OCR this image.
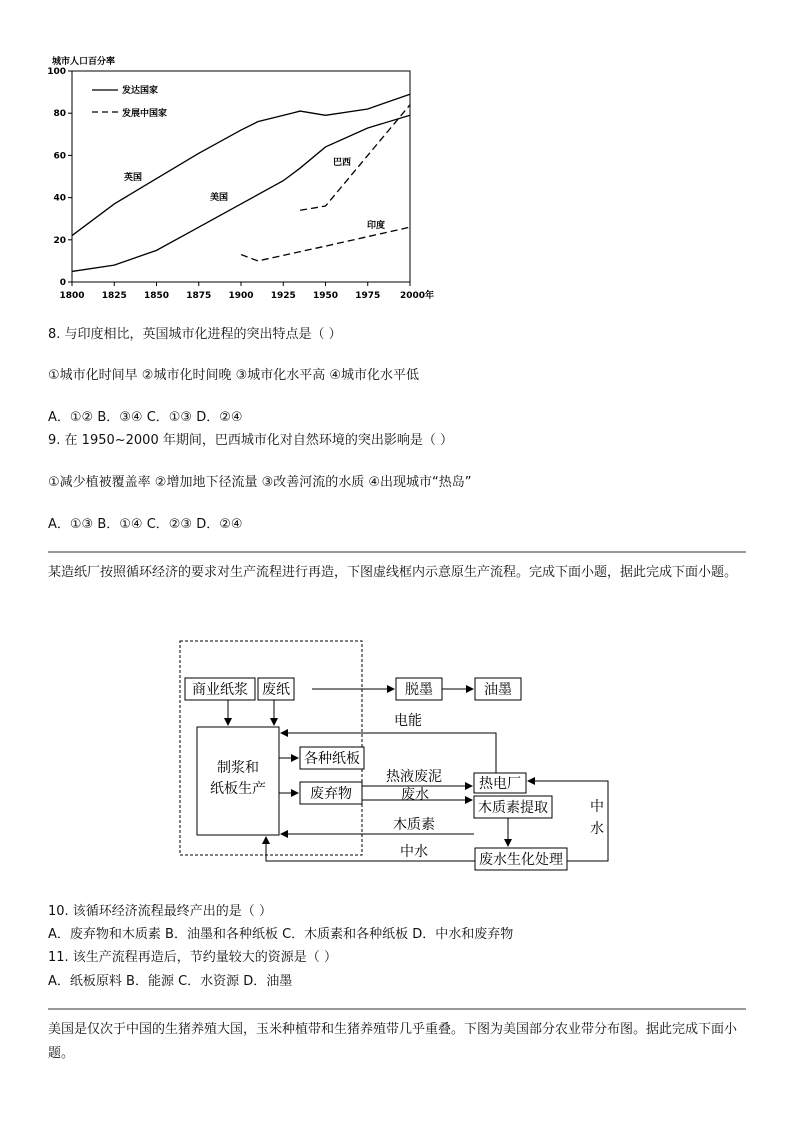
城市人口百分率
0
20
40
60
80
100
1800 1825 1850 1875 1900 1925 1950 1975 2000年
发达国家
发展中国家
英国
美国
巴西
印度
8. 与印度相比，英国城市化进程的突出特点是（ ）
①城市化时间早 ②城市化时间晚 ③城市化水平高 ④城市化水平低
A．①② B．③④ C．①③ D．②④
9. 在 1950~2000 年期间，巴西城市化对自然环境的突出影响是（ ）
①减少植被覆盖率 ②增加地下径流量 ③改善河流的水质 ④出现城市“热岛”
A．①③ B．①④ C．②③ D．②④
某造纸厂按照循环经济的要求对生产流程进行再造，下图虚线框内示意原生产流程。完成下面小题，据此完成下面小题。
商业纸浆 废纸
制浆和
纸板生产
各种纸板
废弃物
脱墨	油墨
热电厂
木质素提取
废水生化处理
电能
热液废泥
废水
木质素
中水
中
水
10. 该循环经济流程最终产出的是（ ）
A．废弃物和木质素 B．油墨和各种纸板 C．木质素和各种纸板 D．中水和废弃物
11. 该生产流程再造后，节约量较大的资源是（ ）
A．纸板原料 B．能源 C．水资源 D．油墨
美国是仅次于中国的生猪养殖大国，玉米种植带和生猪养殖带几乎重叠。下图为美国部分农业带分布图。据此完成下面小题。
